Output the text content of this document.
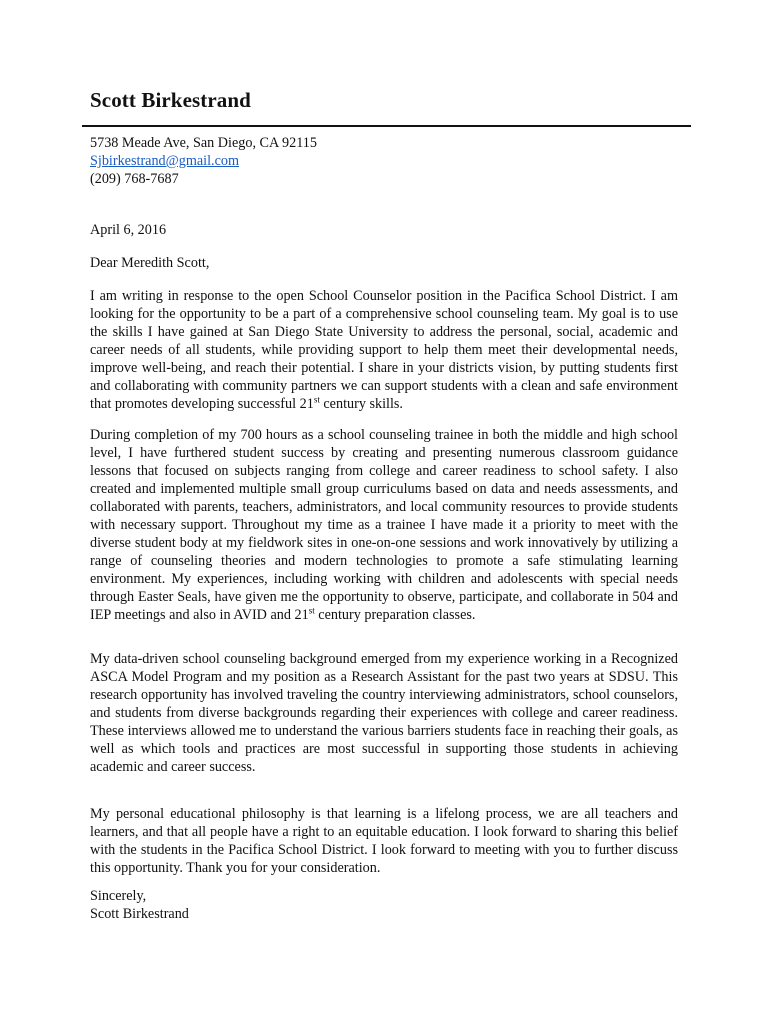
Scott Birkestrand
5738 Meade Ave, San Diego, CA 92115
Sjbirkestrand@gmail.com
(209) 768-7687
April 6, 2016
Dear Meredith Scott,

I am writing in response to the open School Counselor position in the Pacifica School District. I am looking for the opportunity to be a part of a comprehensive school counseling team. My goal is to use the skills I have gained at San Diego State University to address the personal, social, academic and career needs of all students, while providing support to help them meet their developmental needs, improve well-being, and reach their potential. I share in your districts vision, by putting students first and collaborating with community partners we can support students with a clean and safe environment that promotes developing successful 21st century skills.

During completion of my 700 hours as a school counseling trainee in both the middle and high school level, I have furthered student success by creating and presenting numerous classroom guidance lessons that focused on subjects ranging from college and career readiness to school safety. I also created and implemented multiple small group curriculums based on data and needs assessments, and collaborated with parents, teachers, administrators, and local community resources to provide students with necessary support. Throughout my time as a trainee I have made it a priority to meet with the diverse student body at my fieldwork sites in one-on-one sessions and work innovatively by utilizing a range of counseling theories and modern technologies to promote a safe stimulating learning environment. My experiences, including working with children and adolescents with special needs through Easter Seals, have given me the opportunity to observe, participate, and collaborate in 504 and IEP meetings and also in AVID and 21st century preparation classes.

My data-driven school counseling background emerged from my experience working in a Recognized ASCA Model Program and my position as a Research Assistant for the past two years at SDSU. This research opportunity has involved traveling the country interviewing administrators, school counselors, and students from diverse backgrounds regarding their experiences with college and career readiness. These interviews allowed me to understand the various barriers students face in reaching their goals, as well as which tools and practices are most successful in supporting those students in achieving academic and career success.

My personal educational philosophy is that learning is a lifelong process, we are all teachers and learners, and that all people have a right to an equitable education. I look forward to sharing this belief with the students in the Pacifica School District. I look forward to meeting with you to further discuss this opportunity. Thank you for your consideration.

Sincerely,
Scott Birkestrand
